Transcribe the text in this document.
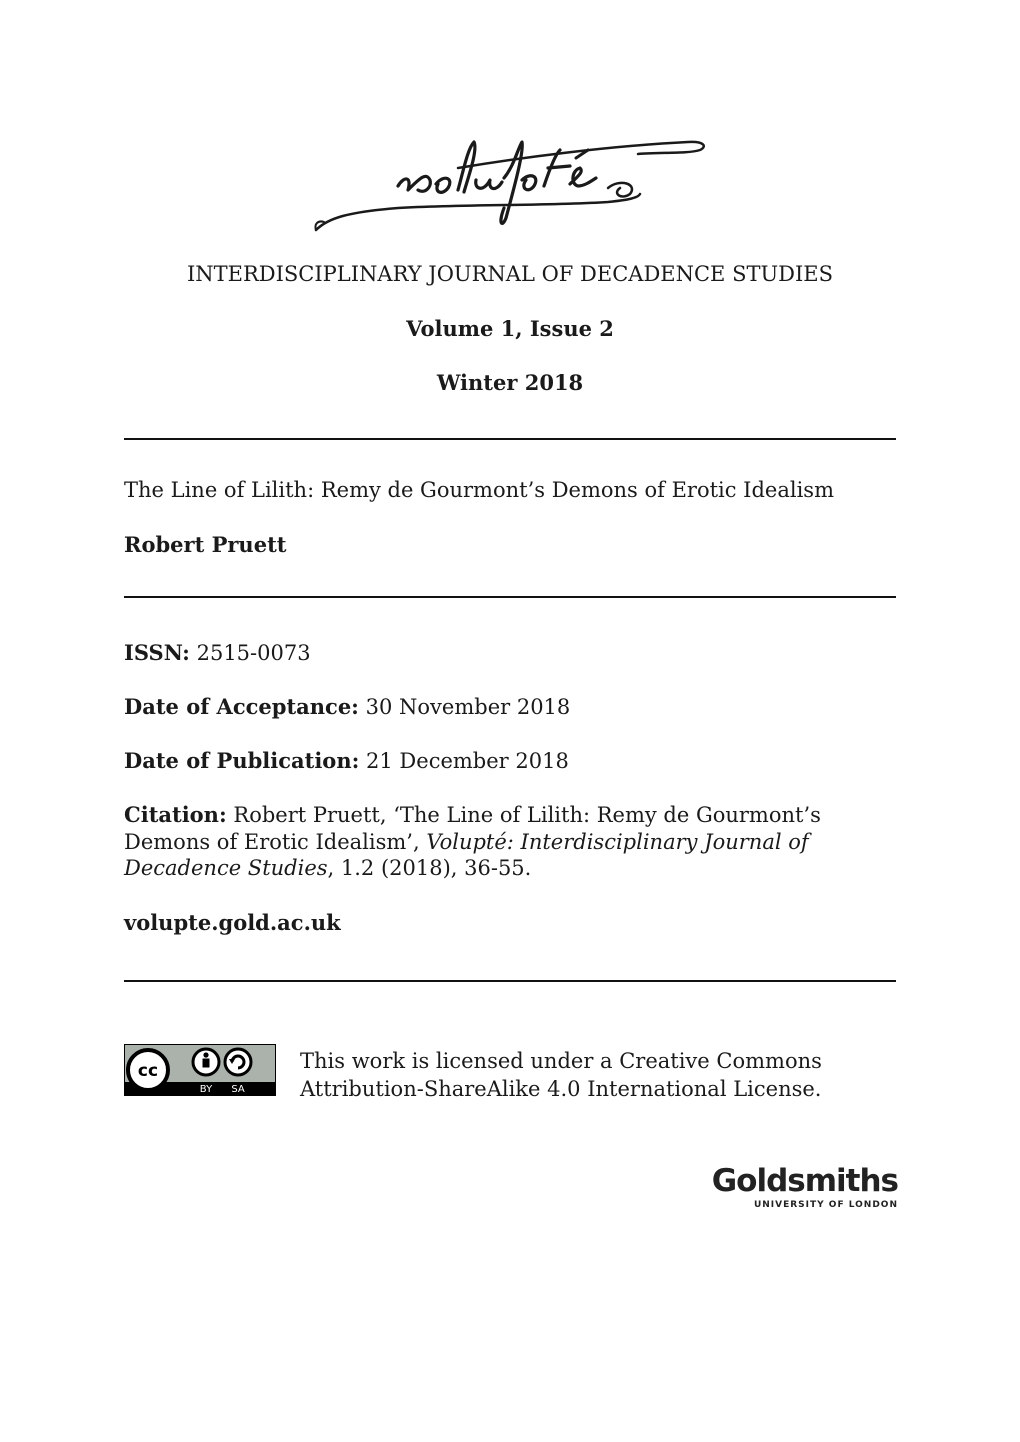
INTERDISCIPLINARY JOURNAL OF DECADENCE STUDIES
Volume 1, Issue 2
Winter 2018
The Line of Lilith: Remy de Gourmont’s Demons of Erotic Idealism
Robert Pruett
ISSN: 2515-0073
Date of Acceptance: 30 November 2018
Date of Publication: 21 December 2018
Citation: Robert Pruett, ‘The Line of Lilith: Remy de Gourmont’s Demons of Erotic Idealism’, Volupté: Interdisciplinary Journal of Decadence Studies, 1.2 (2018), 36-55.
volupte.gold.ac.uk
cc
BY SA
This work is licensed under a Creative Commons Attribution-ShareAlike 4.0 International License.
Goldsmiths
UNIVERSITY OF LONDON
